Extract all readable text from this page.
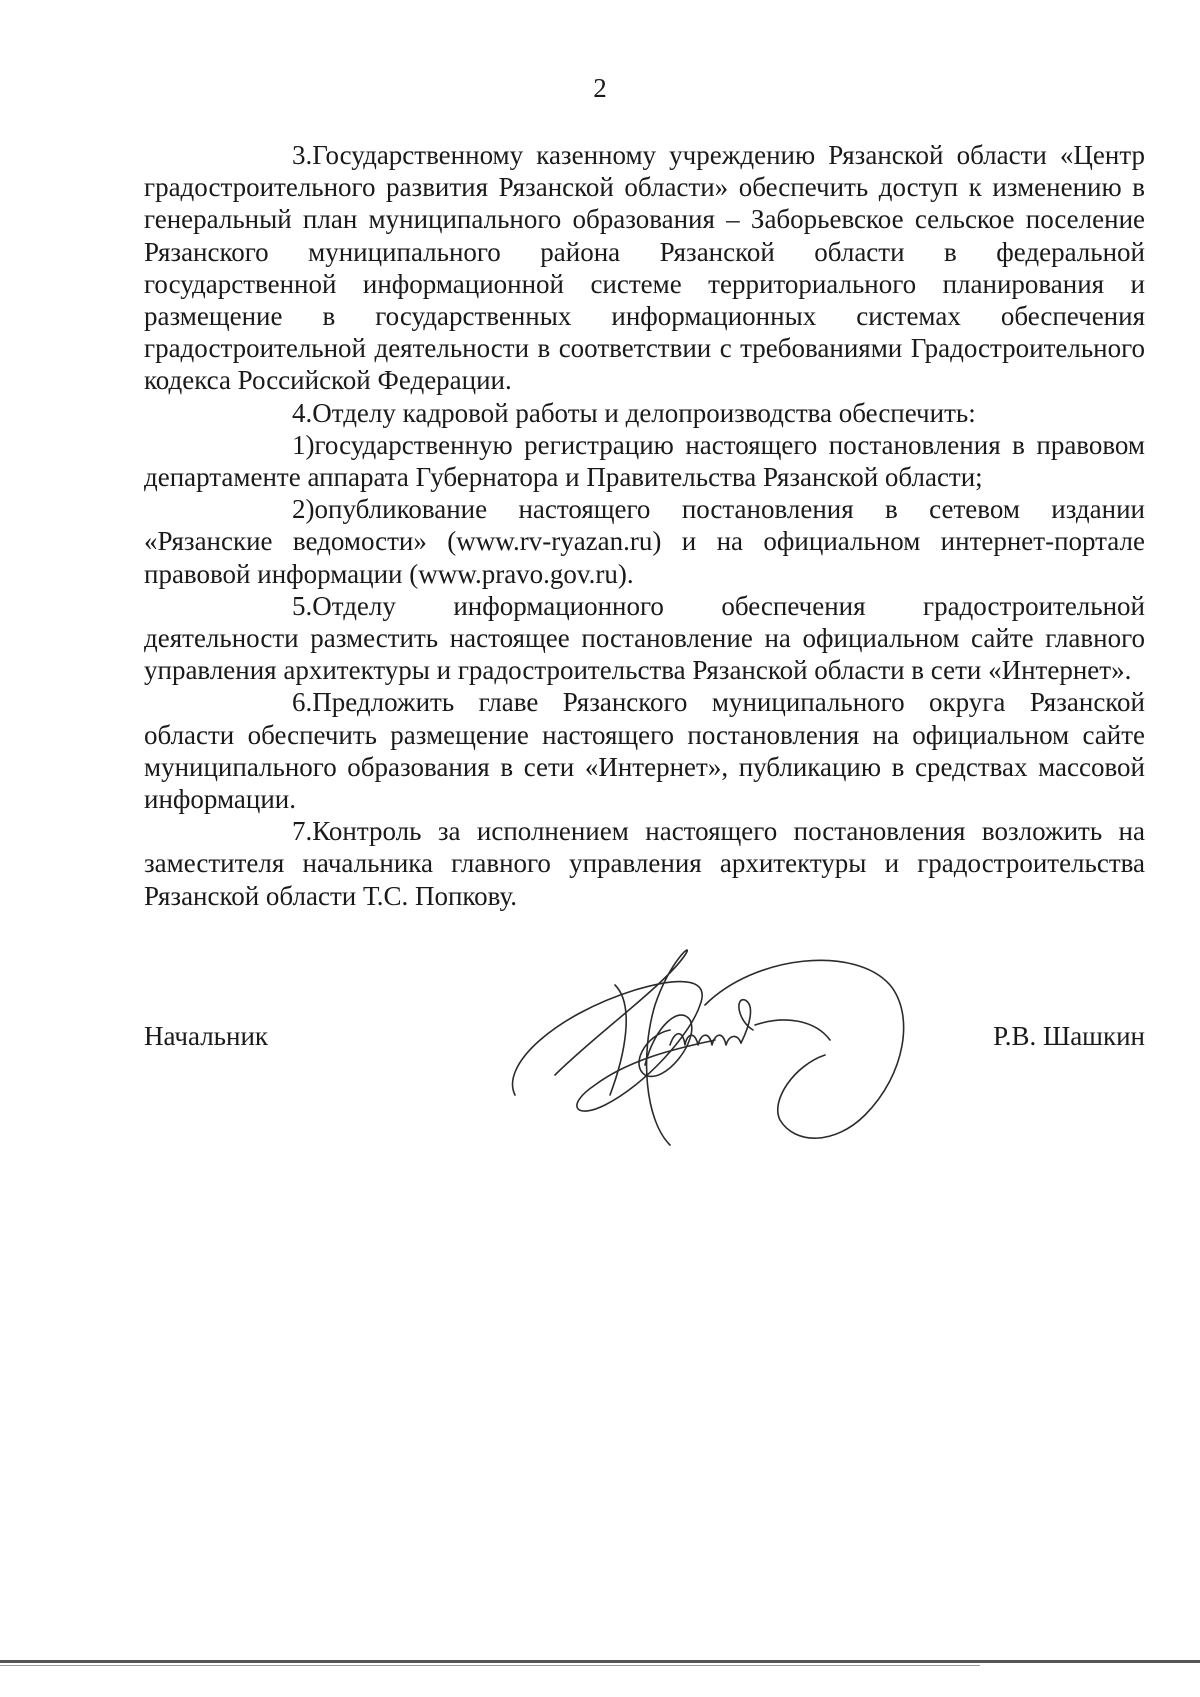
2

3.Государственному казенному учреждению Рязанской области «Центр градостроительного развития Рязанской области» обеспечить доступ к изменению в генеральный план муниципального образования – Заборьевское сельское поселение Рязанского муниципального района Рязанской области в федеральной государственной информационной системе территориального планирования и размещение в государственных информационных системах обеспечения градостроительной деятельности в соответствии с требованиями Градостроительного кодекса Российской Федерации.

4.Отделу кадровой работы и делопроизводства обеспечить:

1)государственную регистрацию настоящего постановления в правовом департаменте аппарата Губернатора и Правительства Рязанской области;

2)опубликование настоящего постановления в сетевом издании «Рязанские ведомости» (www.rv-ryazan.ru) и на официальном интернет-портале правовой информации (www.pravo.gov.ru).

5.Отделу информационного обеспечения градостроительной деятельности разместить настоящее постановление на официальном сайте главного управления архитектуры и градостроительства Рязанской области в сети «Интернет».

6.Предложить главе Рязанского муниципального округа Рязанской области обеспечить размещение настоящего постановления на официальном сайте муниципального образования в сети «Интернет», публикацию в средствах массовой информации.

7.Контроль за исполнением настоящего постановления возложить на заместителя начальника главного управления архитектуры и градостроительства Рязанской области Т.С. Попкову.

Начальник	Р.В. Шашкин
